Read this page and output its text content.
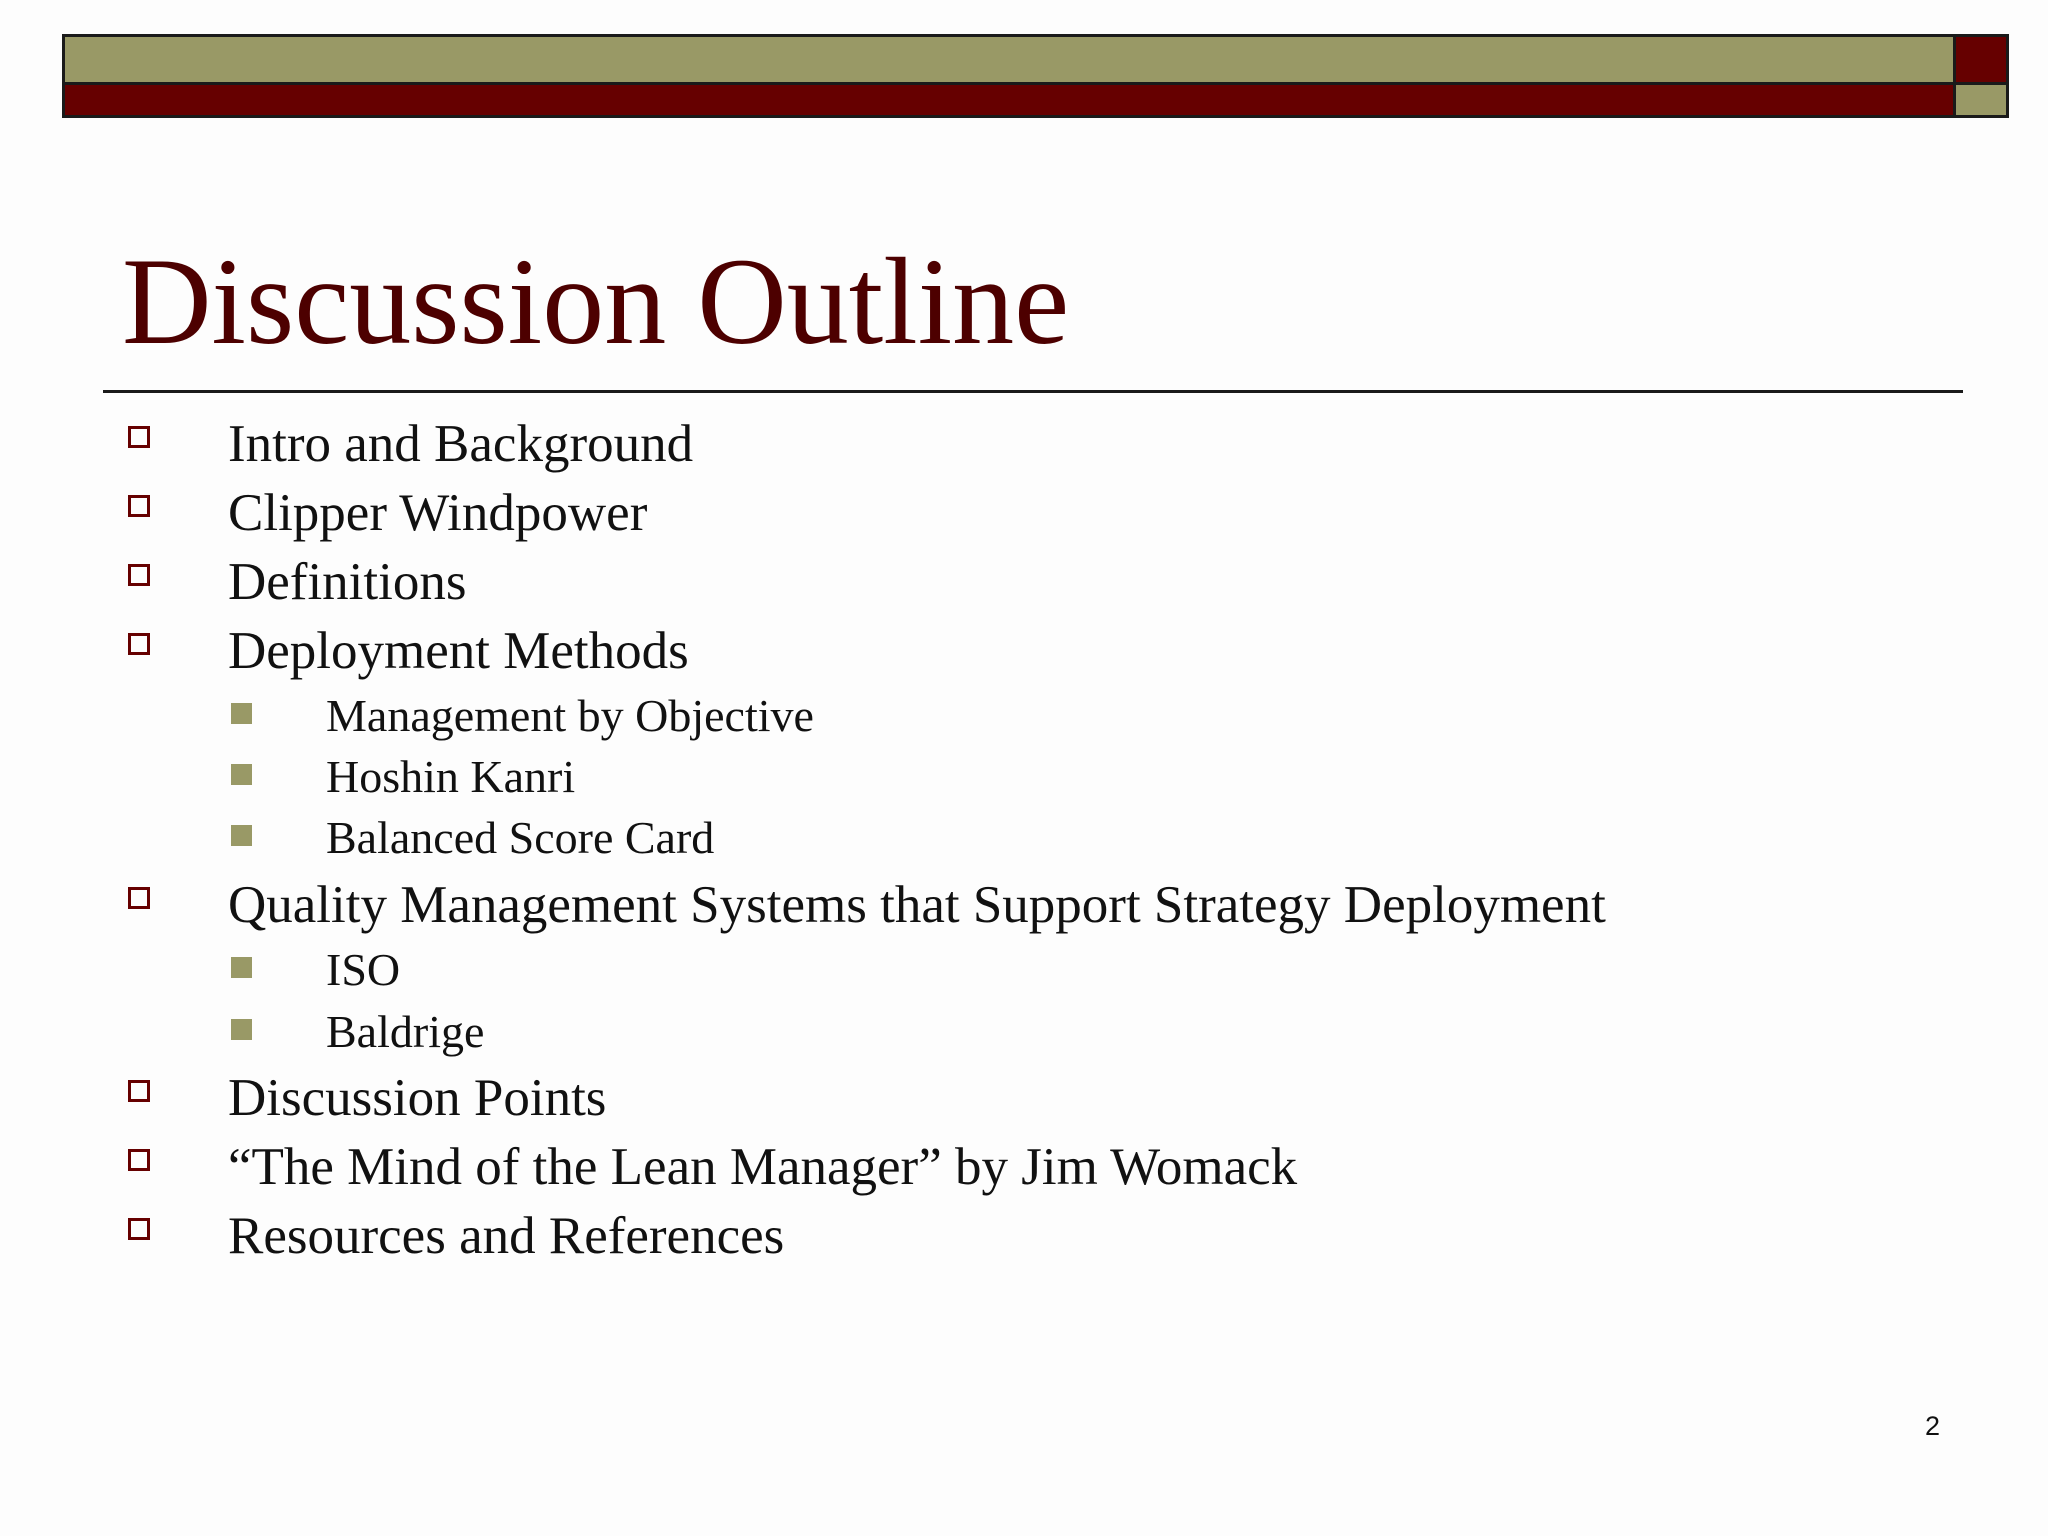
Discussion Outline
Intro and Background
Clipper Windpower
Definitions
Deployment Methods
Management by Objective
Hoshin Kanri
Balanced Score Card
Quality Management Systems that Support Strategy Deployment
ISO
Baldrige
Discussion Points
“The Mind of the Lean Manager” by Jim Womack
Resources and References
2
